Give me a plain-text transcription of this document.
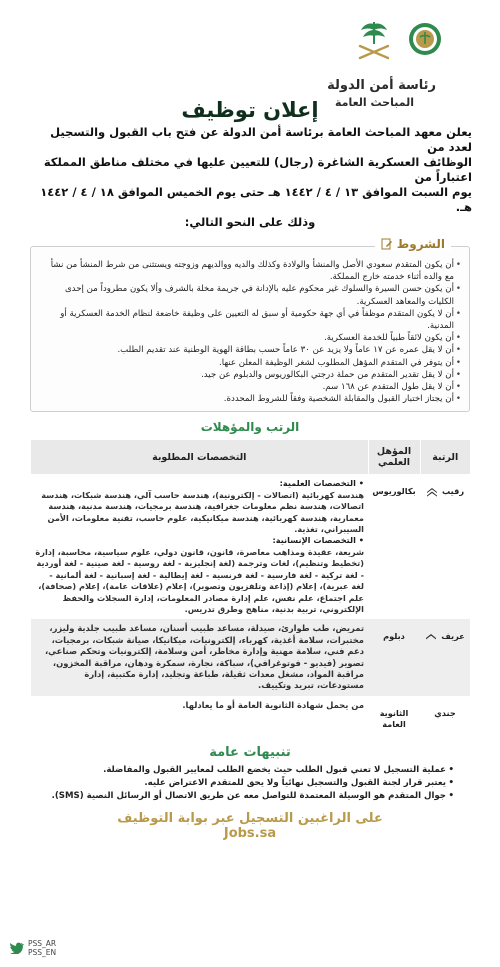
رئاسة أمن الدولة
المباحث العامة
إعلان توظيف
يعلن معهد المباحث العامة برئاسة أمن الدولة عن فتح باب القبول والتسجيل لعدد من
الوظائف العسكرية الشاغرة (رجال) للتعيين عليها في مختلف مناطق المملكة اعتباراً من
يوم السبت الموافق ١٣ / ٤ / ١٤٤٢ هـ حتى يوم الخميس الموافق ١٨ / ٤ / ١٤٤٢ هـ.
وذلك على النحو التالي:
الشروط
• أن يكون المتقدم سعودي الأصل والمنشأ والولادة وكذلك والديه ووالديهم وزوجته ويستثنى من شرط المنشأ من نشأ مع والده أثناء خدمته خارج المملكة.
• أن يكون حسن السيرة والسلوك غير محكوم عليه بالإدانة في جريمة مخلة بالشرف وألا يكون مطروداً من إحدى الكليات والمعاهد العسكرية.
• أن لا يكون المتقدم موظفاً في أي جهة حكومية أو سبق له التعيين على وظيفة خاضعة لنظام الخدمة العسكرية أو المدنية.
• أن يكون لائقاً طبياً للخدمة العسكرية.
• أن لا يقل عمره عن ١٧ عاماً ولا يزيد عن ٣٠ عاماً حسب بطاقة الهوية الوطنية عند تقديم الطلب.
• أن يتوفر في المتقدم المؤهل المطلوب لشغر الوظيفة المعلن عنها.
• أن لا يقل تقدير المتقدم من حملة درجتي البكالوريوس والدبلوم عن جيد.
• أن لا يقل طول المتقدم عن ١٦٨ سم.
• أن يجتاز اختبار القبول والمقابلة الشخصية وفقاً للشروط المحددة.
الرتب والمؤهلات
الرتبة	المؤهل العلمي	التخصصات المطلوبة

رقيب	بكالوريوس	• التخصصات العلمية:
هندسة كهربائية (اتصالات - إلكترونية)، هندسة حاسب آلي، هندسة شبكات، هندسة اتصالات، هندسة نظم معلومات جغرافية، هندسة برمجيات، هندسة مدنية، هندسة معمارية، هندسة كهربائية، هندسة ميكانيكية، علوم حاسب، تقنية معلومات، الأمن السيبراني، تغذية.
• التخصصات الإنسانية:
شريعة، عقيدة ومذاهب معاصرة، قانون، قانون دولي، علوم سياسية، محاسبة، إدارة (تخطيط وتنظيم)، لغات وترجمة (لغة إنجليزية - لغة روسية - لغة صينية - لغة أوردية - لغة تركية - لغة فارسية - لغة فرنسية - لغة إيطالية - لغة إسبانية - لغة ألمانية - لغة عبرية)، إعلام (إذاعة وتلفزيون وتصوير)، إعلام (علاقات عامة)، إعلام (صحافة)، علم اجتماع، علم نفس، علم إدارة مصادر المعلومات، إدارة السجلات والحفظ الإلكتروني، تربية بدنية، مناهج وطرق تدريس.

عريف	دبلوم	تمريض، طب طوارئ، صيدلة، مساعد طبيب أسنان، مساعد طبيب جلدية وليزر، مختبرات، سلامة أغذية، كهرباء، إلكترونيات، ميكانيكا، صيانة شبكات، برمجيات، دعم فني، سلامة مهنية وإدارة مخاطر، أمن وسلامة، إلكترونيات وتحكم صناعي، تصوير (فيديو - فوتوغرافي)، سباكة، نجارة، سمكرة ودهان، مراقبة المخزون، مراقبة المواد، مشغل معدات ثقيلة، طباعة وتجليد، إدارة مكتبية، إدارة مستودعات، تبريد وتكييف.

جندي	الثانوية العامة	من يحمل شهادة الثانوية العامة أو ما يعادلها.
تنبيهات عامة
• عملية التسجيل لا تعني قبول الطلب حيث يخضع الطلب لمعايير القبول والمفاضلة.
• يعتبر قرار لجنة القبول والتسجيل نهائياً ولا يحق للمتقدم الاعتراض عليه.
• جوال المتقدم هو الوسيلة المعتمدة للتواصل معه عن طريق الاتصال أو الرسائل النصية (SMS).
على الراغبين التسجيل عبر بوابة التوظيف
Jobs.sa
PSS_AR
PSS_EN
